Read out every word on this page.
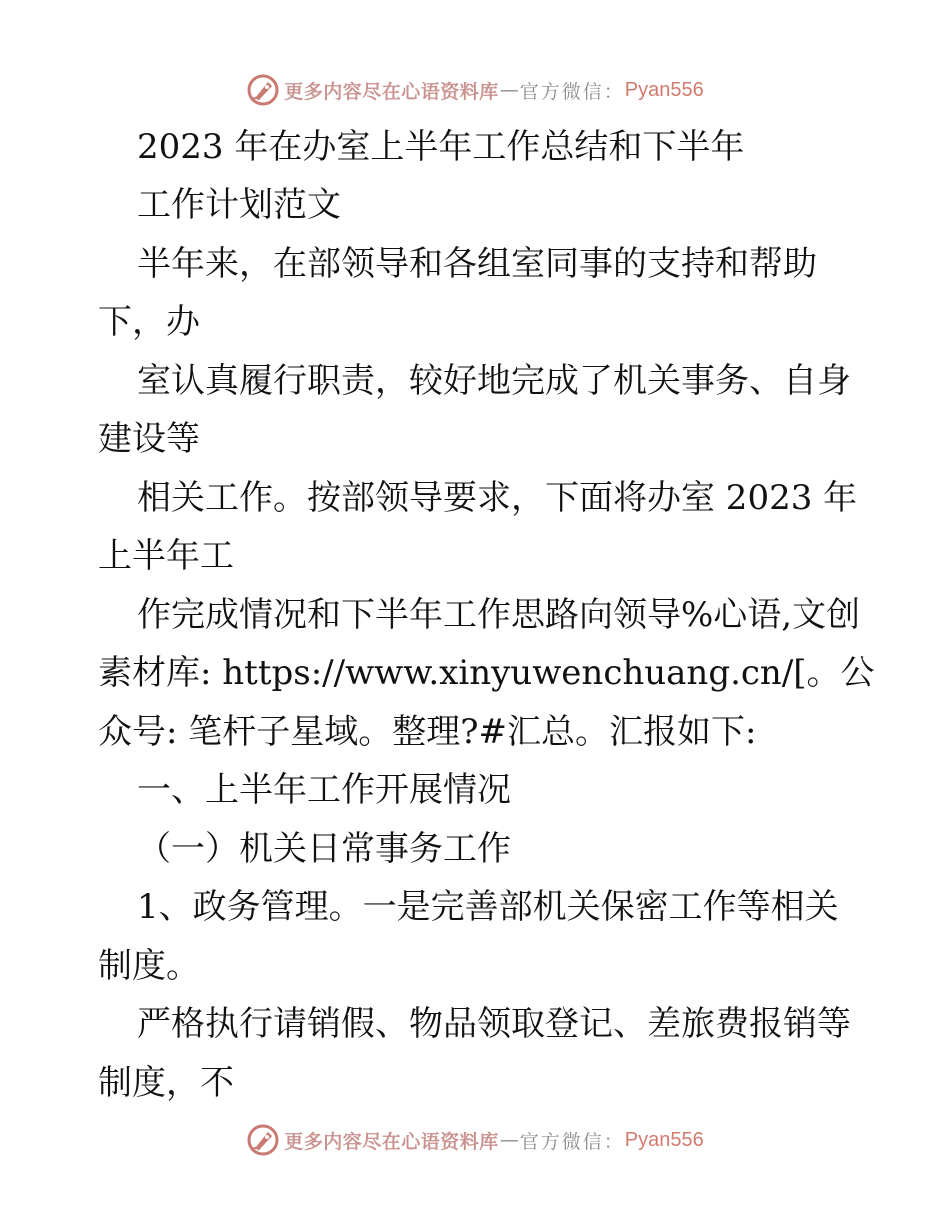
更多内容尽在心语资料库 — 官方微信： Pyan556
2023 年在办室上半年工作总结和下半年
工作计划范文
半年来，在部领导和各组室同事的支持和帮助
下，办
室认真履行职责，较好地完成了机关事务、自身
建设等
相关工作。按部领导要求，下面将办室 2023 年
上半年工
作完成情况和下半年工作思路向领导%心语,文创
素材库: https://www.xinyuwenchuang.cn/[。公
众号: 笔杆子星域。整理?#汇总。汇报如下:
一、上半年工作开展情况
（一）机关日常事务工作
1、政务管理。一是完善部机关保密工作等相关
制度。
严格执行请销假、物品领取登记、差旅费报销等
制度，不
更多内容尽在心语资料库 — 官方微信： Pyan556
